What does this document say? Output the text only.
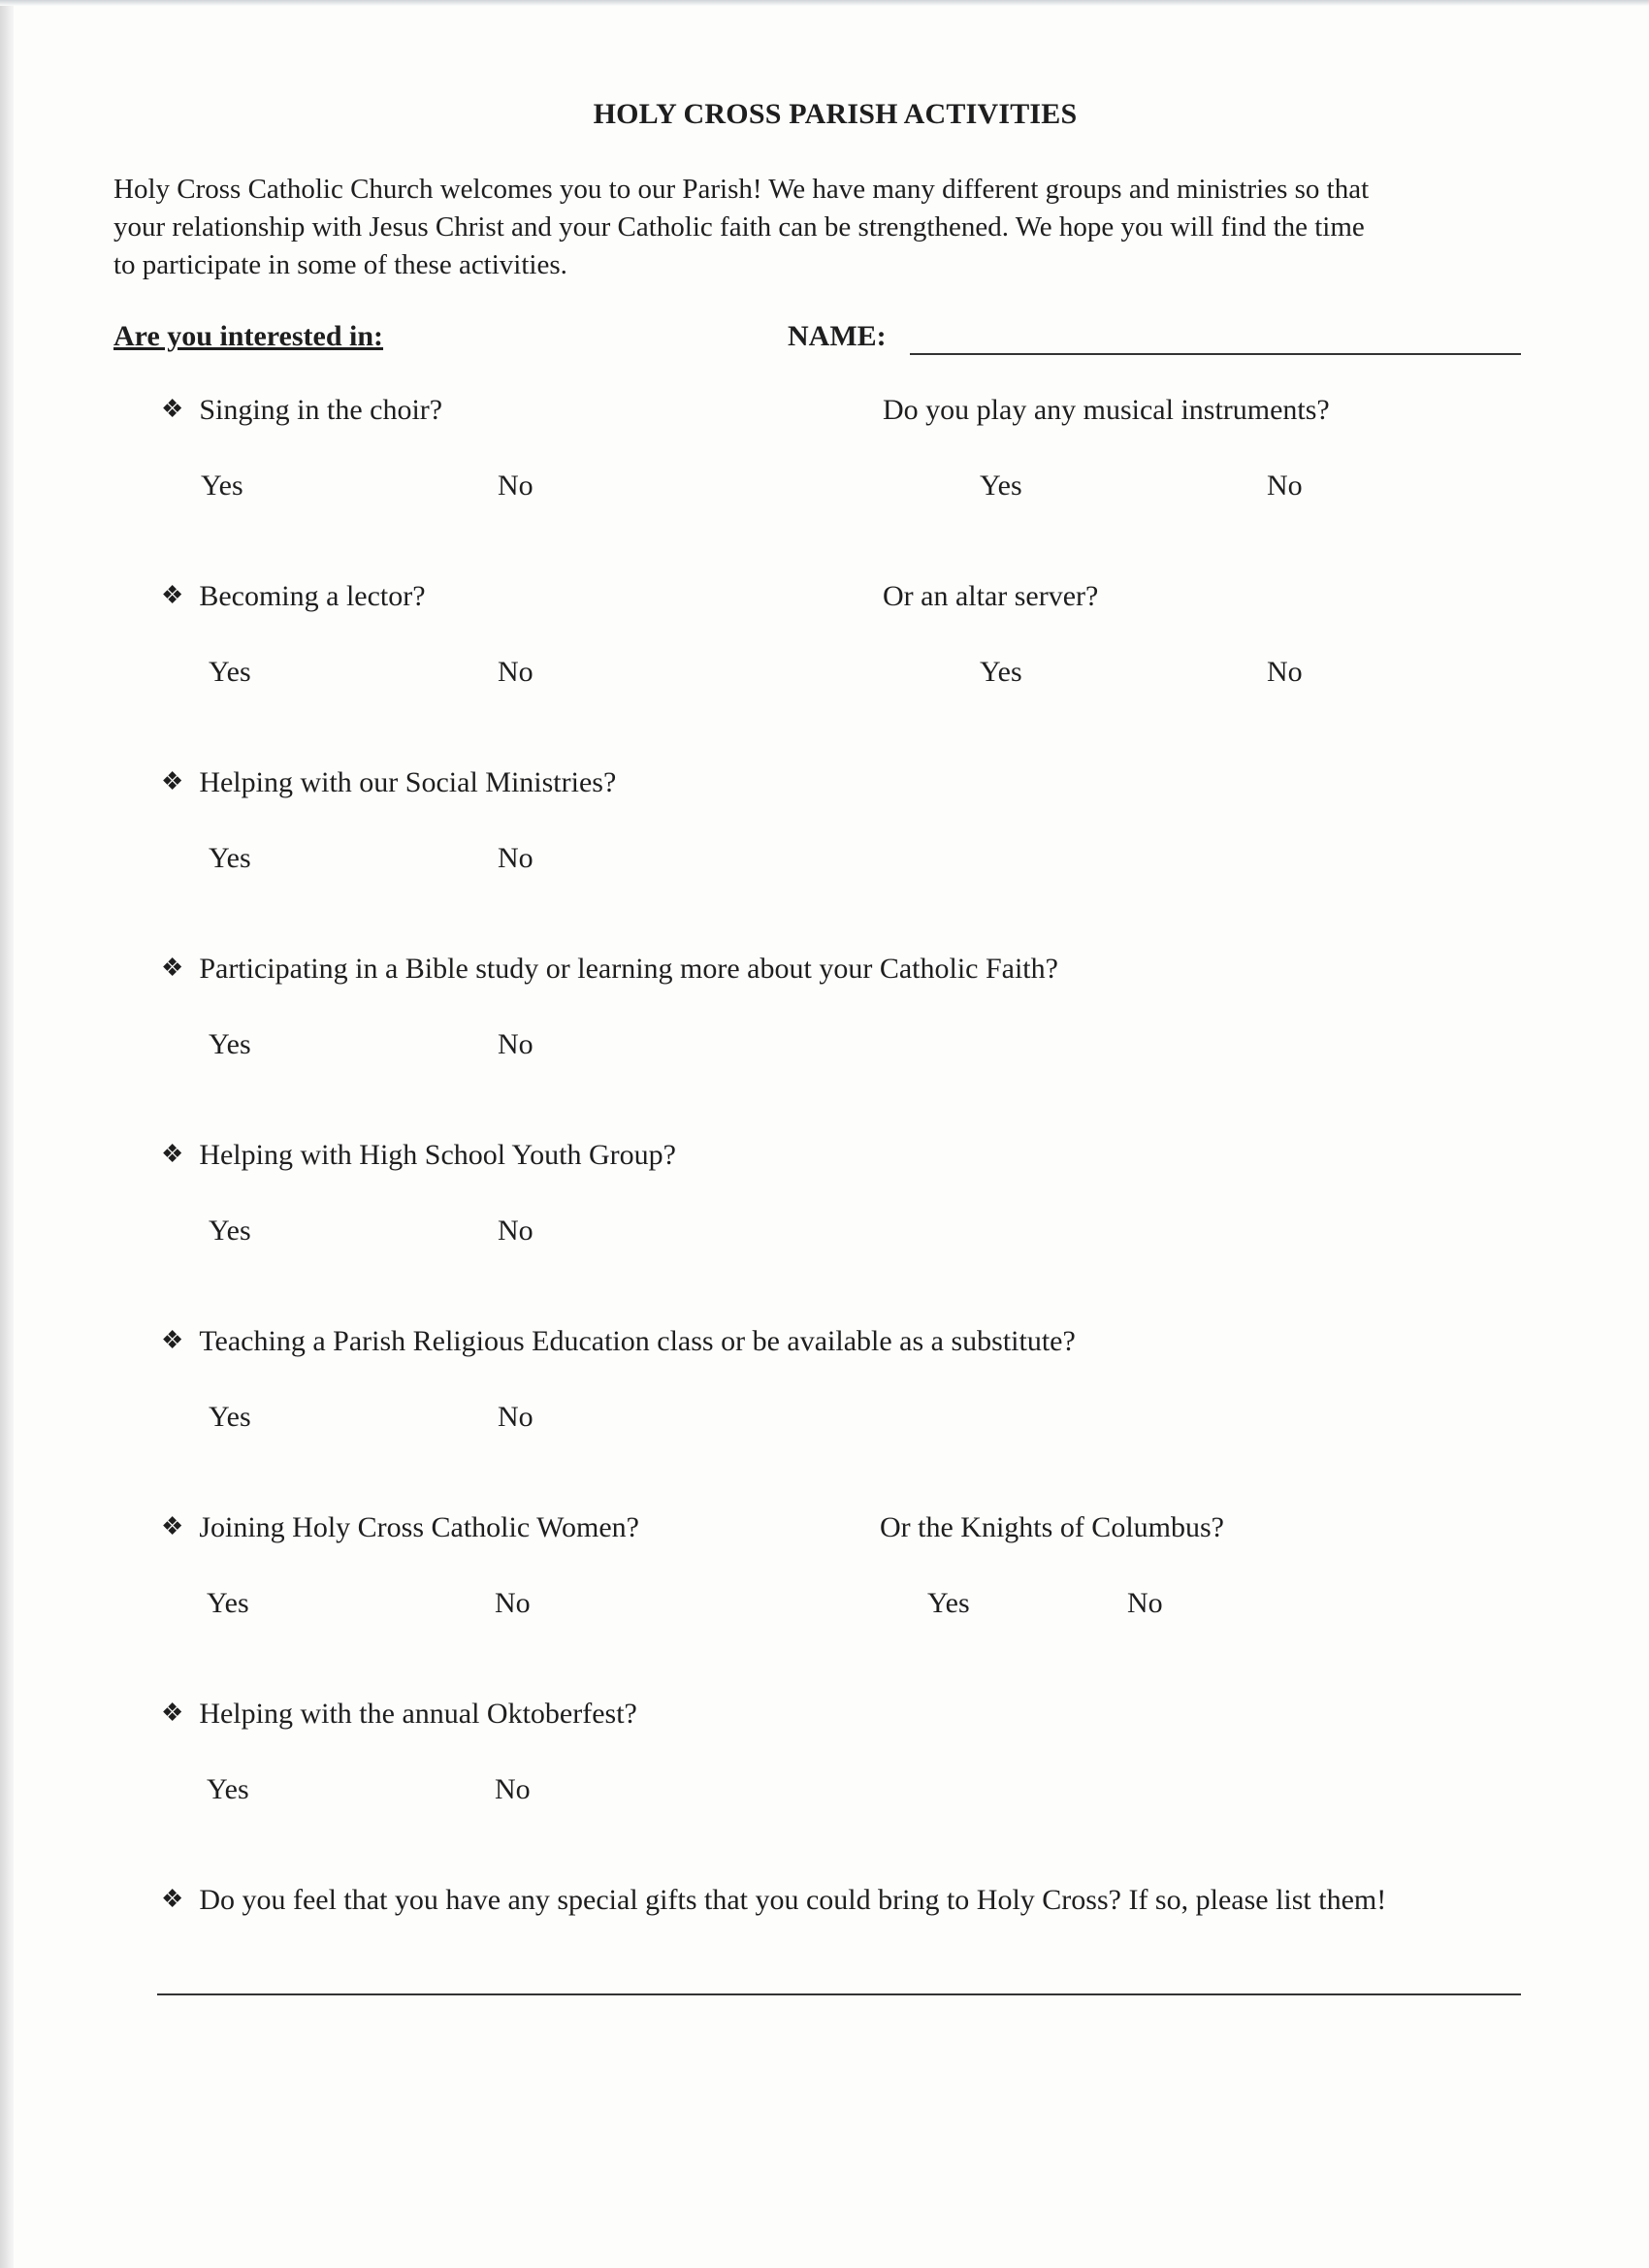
HOLY CROSS PARISH ACTIVITIES
Holy Cross Catholic Church welcomes you to our Parish! We have many different groups and ministries so that
your relationship with Jesus Christ and your Catholic faith can be strengthened. We hope you will find the time
to participate in some of these activities.
Are you interested in:	NAME:
❖ Singing in the choir?	Do you play any musical instruments?
Yes	No	Yes	No
❖ Becoming a lector?	Or an altar server?
Yes	No	Yes	No
❖ Helping with our Social Ministries?
Yes	No
❖ Participating in a Bible study or learning more about your Catholic Faith?
Yes	No
❖ Helping with High School Youth Group?
Yes	No
❖ Teaching a Parish Religious Education class or be available as a substitute?
Yes	No
❖ Joining Holy Cross Catholic Women?	Or the Knights of Columbus?
Yes	No	Yes	No
❖ Helping with the annual Oktoberfest?
Yes	No
❖ Do you feel that you have any special gifts that you could bring to Holy Cross? If so, please list them!
